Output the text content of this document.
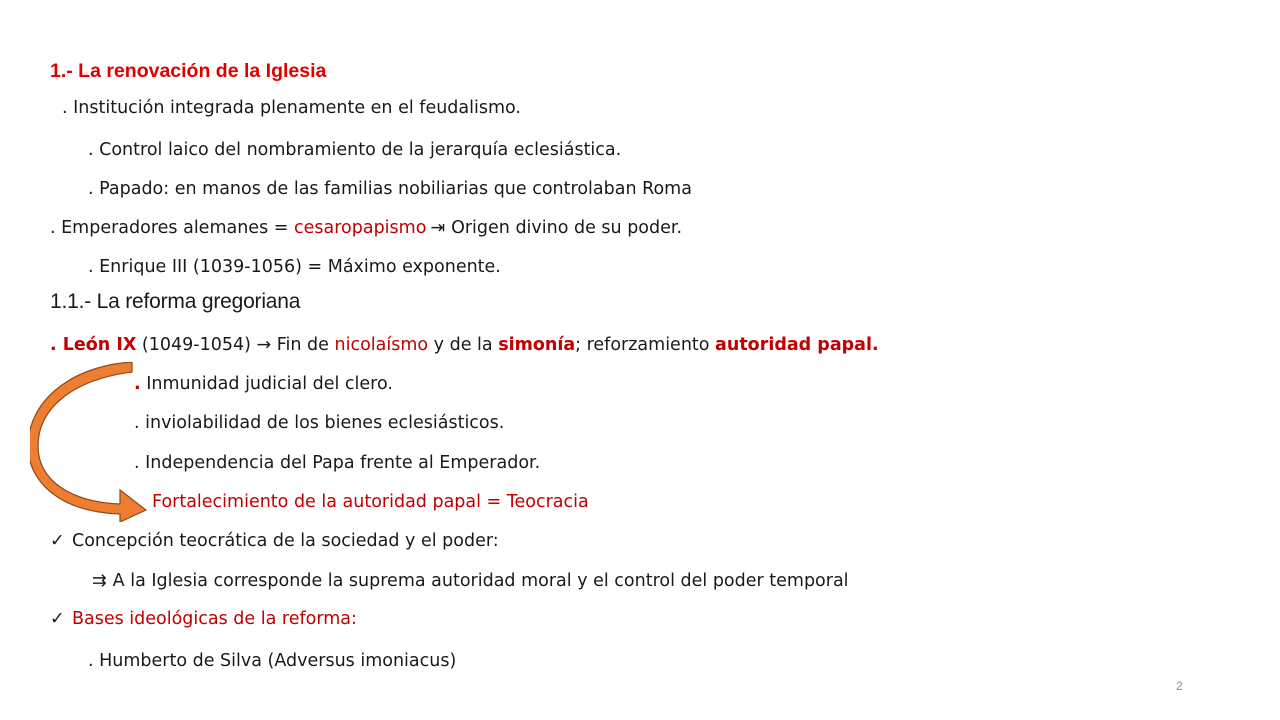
1.- La renovación de la Iglesia
. Institución integrada plenamente en el feudalismo.
. Control laico del nombramiento de la jerarquía eclesiástica.
. Papado: en manos de las familias nobiliarias que controlaban Roma
. Emperadores alemanes = cesaropapismo ⇥ Origen divino de su poder.
. Enrique III (1039-1056) = Máximo exponente.
1.1.- La reforma gregoriana
. León IX (1049-1054) → Fin de nicolaísmo y de la simonía; reforzamiento autoridad papal.
. Inmunidad judicial del clero.
. inviolabilidad de los bienes eclesiásticos.
. Independencia del Papa frente al Emperador.
Fortalecimiento de la autoridad papal = Teocracia
✓ Concepción teocrática de la sociedad y el poder:
⇉ A la Iglesia corresponde la suprema autoridad moral y el control del poder temporal
✓ Bases ideológicas de la reforma:
. Humberto de Silva (Adversus imoniacus)
2
